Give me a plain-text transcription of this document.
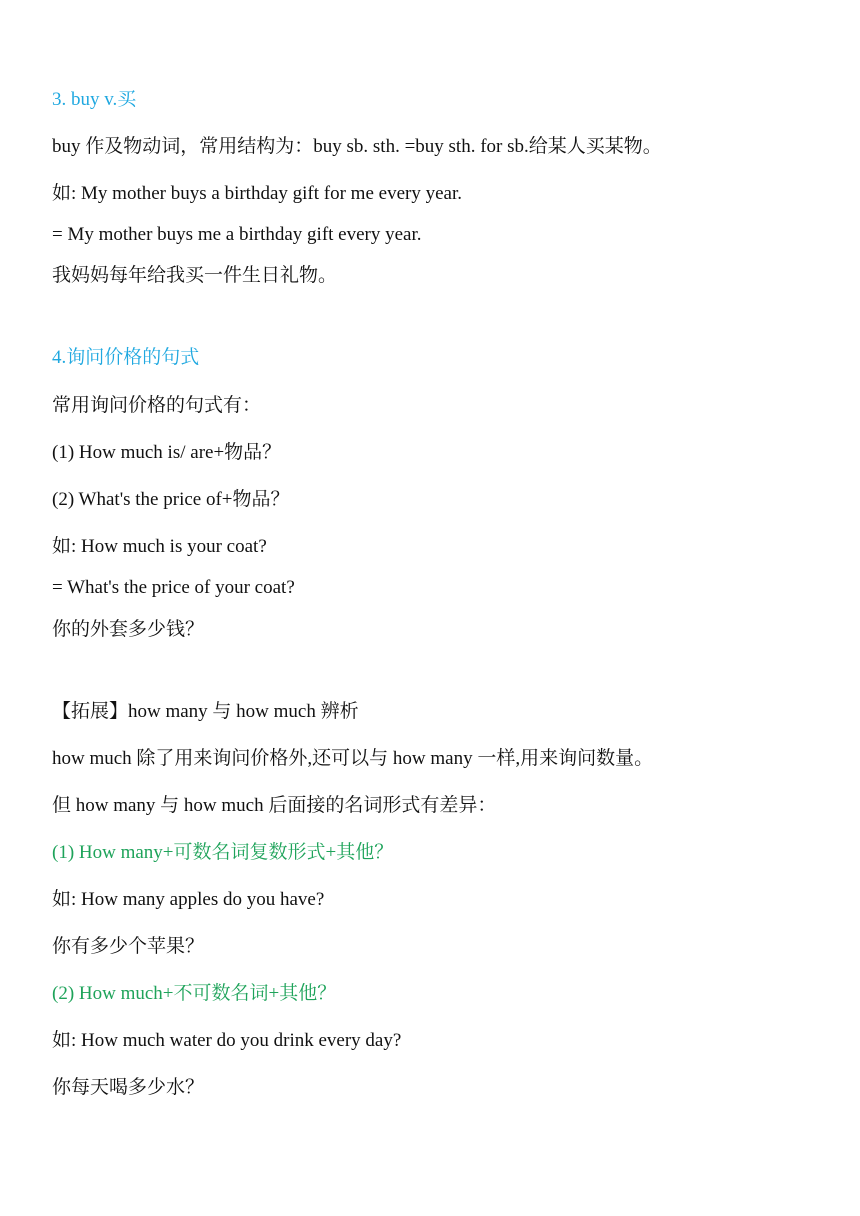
3. buy v.买
buy 作及物动词，常用结构为：buy sb. sth. =buy sth. for sb.给某人买某物。
如: My mother buys a birthday gift for me every year.
= My mother buys me a birthday gift every year.
我妈妈每年给我买一件生日礼物。
4.询问价格的句式
常用询问价格的句式有：
(1) How much is/ are+物品？
(2) What's the price of+物品？
如: How much is your coat?
= What's the price of your coat?
你的外套多少钱？
【拓展】how many 与 how much 辨析
how much 除了用来询问价格外,还可以与 how many 一样,用来询问数量。
但 how many 与 how much 后面接的名词形式有差异：
(1) How many+可数名词复数形式+其他？
如: How many apples do you have?
你有多少个苹果？
(2) How much+不可数名词+其他？
如: How much water do you drink every day?
你每天喝多少水？
